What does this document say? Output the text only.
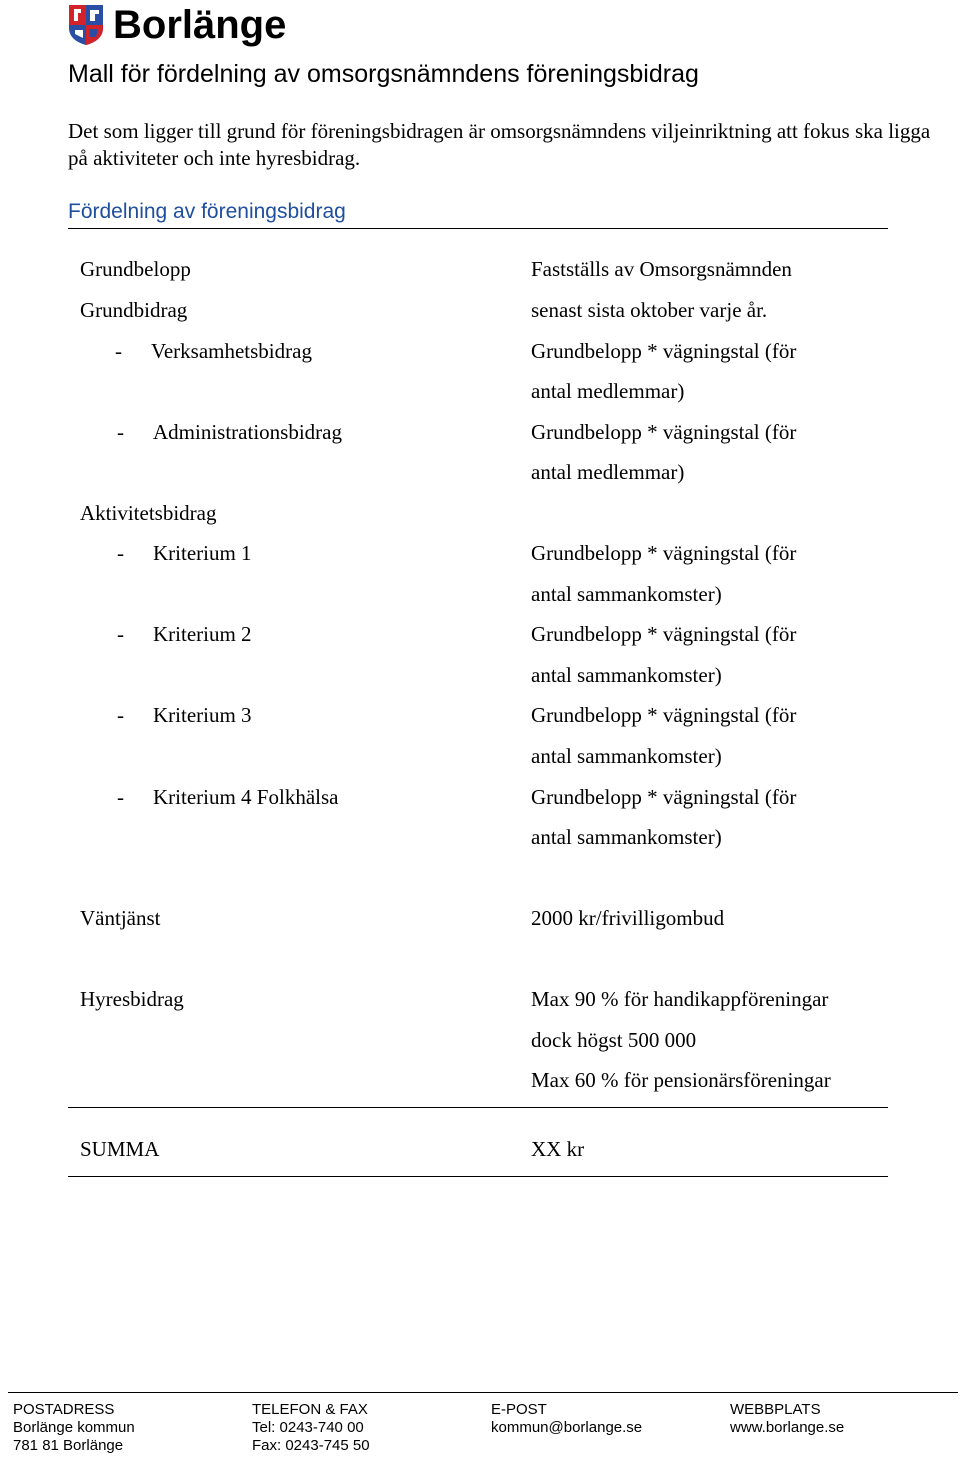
Borlänge
Mall för fördelning av omsorgsnämndens föreningsbidrag
Det som ligger till grund för föreningsbidragen är omsorgsnämndens viljeinriktning att fokus ska ligga på aktiviteter och inte hyresbidrag.
Fördelning av föreningsbidrag
Grundbelopp	Fastställs av Omsorgsnämnden
Grundbidrag	senast sista oktober varje år.
- Verksamhetsbidrag	Grundbelopp * vägningstal (för
antal medlemmar)
- Administrationsbidrag	Grundbelopp * vägningstal (för
antal medlemmar)
Aktivitetsbidrag
- Kriterium 1	Grundbelopp * vägningstal (för
antal sammankomster)
- Kriterium 2	Grundbelopp * vägningstal (för
antal sammankomster)
- Kriterium 3	Grundbelopp * vägningstal (för
antal sammankomster)
- Kriterium 4 Folkhälsa	Grundbelopp * vägningstal (för
antal sammankomster)
Väntjänst	2000 kr/frivilligombud
Hyresbidrag	Max 90 % för handikappföreningar
dock högst 500 000
Max 60 % för pensionärsföreningar
SUMMA	XX kr
POSTADRESS
Borlänge kommun
781 81 Borlänge
TELEFON & FAX
Tel: 0243-740 00
Fax: 0243-745 50
E-POST
kommun@borlange.se
WEBBPLATS
www.borlange.se
